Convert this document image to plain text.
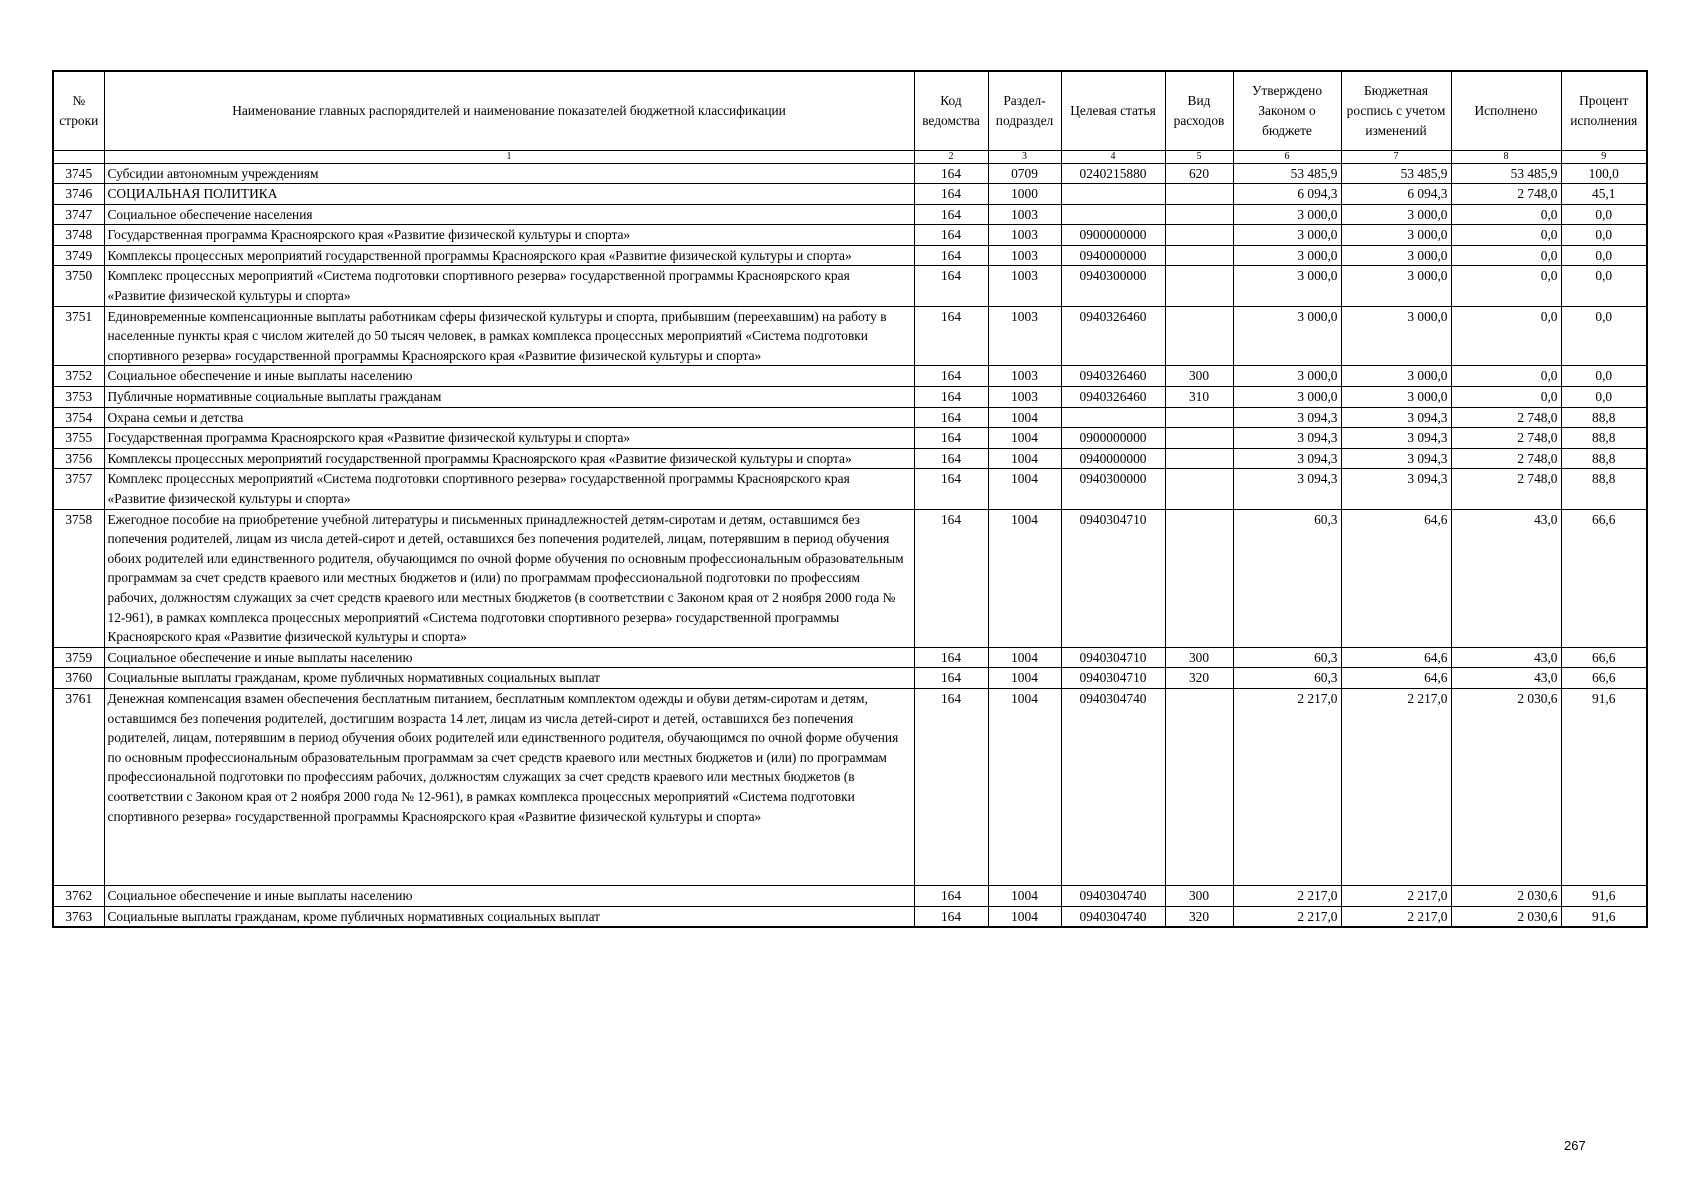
№ строки	Наименование главных распорядителей и наименование показателей бюджетной классификации	Код ведомства	Раздел-подраздел	Целевая статья	Вид расходов	Утверждено Законом о бюджете	Бюджетная роспись с учетом изменений	Исполнено	Процент исполнения
	1	2	3	4	5	6	7	8	9
3745	Субсидии автономным учреждениям	164	0709	0240215880	620	53 485,9	53 485,9	53 485,9	100,0
3746	СОЦИАЛЬНАЯ ПОЛИТИКА	164	1000			6 094,3	6 094,3	2 748,0	45,1
3747	Социальное обеспечение населения	164	1003			3 000,0	3 000,0	0,0	0,0
3748	Государственная программа Красноярского края «Развитие физической культуры и спорта»	164	1003	0900000000		3 000,0	3 000,0	0,0	0,0
3749	Комплексы процессных мероприятий государственной программы Красноярского края «Развитие физической культуры и спорта»	164	1003	0940000000		3 000,0	3 000,0	0,0	0,0
3750	Комплекс процессных мероприятий «Система подготовки спортивного резерва» государственной программы Красноярского края «Развитие физической культуры и спорта»	164	1003	0940300000		3 000,0	3 000,0	0,0	0,0
3751	Единовременные компенсационные выплаты работникам сферы физической культуры и спорта, прибывшим (переехавшим) на работу в населенные пункты края с числом жителей до 50 тысяч человек, в рамках комплекса процессных мероприятий «Система подготовки спортивного резерва» государственной программы Красноярского края «Развитие физической культуры и спорта»	164	1003	0940326460		3 000,0	3 000,0	0,0	0,0
3752	Социальное обеспечение и иные выплаты населению	164	1003	0940326460	300	3 000,0	3 000,0	0,0	0,0
3753	Публичные нормативные социальные выплаты гражданам	164	1003	0940326460	310	3 000,0	3 000,0	0,0	0,0
3754	Охрана семьи и детства	164	1004			3 094,3	3 094,3	2 748,0	88,8
3755	Государственная программа Красноярского края «Развитие физической культуры и спорта»	164	1004	0900000000		3 094,3	3 094,3	2 748,0	88,8
3756	Комплексы процессных мероприятий государственной программы Красноярского края «Развитие физической культуры и спорта»	164	1004	0940000000		3 094,3	3 094,3	2 748,0	88,8
3757	Комплекс процессных мероприятий «Система подготовки спортивного резерва» государственной программы Красноярского края «Развитие физической культуры и спорта»	164	1004	0940300000		3 094,3	3 094,3	2 748,0	88,8
3758	Ежегодное пособие на приобретение учебной литературы и письменных принадлежностей детям-сиротам и детям, оставшимся без попечения родителей, лицам из числа детей-сирот и детей, оставшихся без попечения родителей, лицам, потерявшим в период обучения обоих родителей или единственного родителя, обучающимся по очной форме обучения по основным профессиональным образовательным программам за счет средств краевого или местных бюджетов и (или) по программам профессиональной подготовки по профессиям рабочих, должностям служащих за счет средств краевого или местных бюджетов (в соответствии с Законом края от 2 ноября 2000 года № 12-961), в рамках комплекса процессных мероприятий «Система подготовки спортивного резерва» государственной программы Красноярского края «Развитие физической культуры и спорта»	164	1004	0940304710		60,3	64,6	43,0	66,6
3759	Социальное обеспечение и иные выплаты населению	164	1004	0940304710	300	60,3	64,6	43,0	66,6
3760	Социальные выплаты гражданам, кроме публичных нормативных социальных выплат	164	1004	0940304710	320	60,3	64,6	43,0	66,6
3761	Денежная компенсация взамен обеспечения бесплатным питанием, бесплатным комплектом одежды и обуви детям-сиротам и детям, оставшимся без попечения родителей, достигшим возраста 14 лет, лицам из числа детей-сирот и детей, оставшихся без попечения родителей, лицам, потерявшим в период обучения обоих родителей или единственного родителя, обучающимся по очной форме обучения по основным профессиональным образовательным программам за счет средств краевого или местных бюджетов и (или) по программам профессиональной подготовки по профессиям рабочих, должностям служащих за счет средств краевого или местных бюджетов (в соответствии с Законом края от 2 ноября 2000 года № 12-961), в рамках комплекса процессных мероприятий «Система подготовки спортивного резерва» государственной программы Красноярского края «Развитие физической культуры и спорта»	164	1004	0940304740		2 217,0	2 217,0	2 030,6	91,6
3762	Социальное обеспечение и иные выплаты населению	164	1004	0940304740	300	2 217,0	2 217,0	2 030,6	91,6
3763	Социальные выплаты гражданам, кроме публичных нормативных социальных выплат	164	1004	0940304740	320	2 217,0	2 217,0	2 030,6	91,6
267
